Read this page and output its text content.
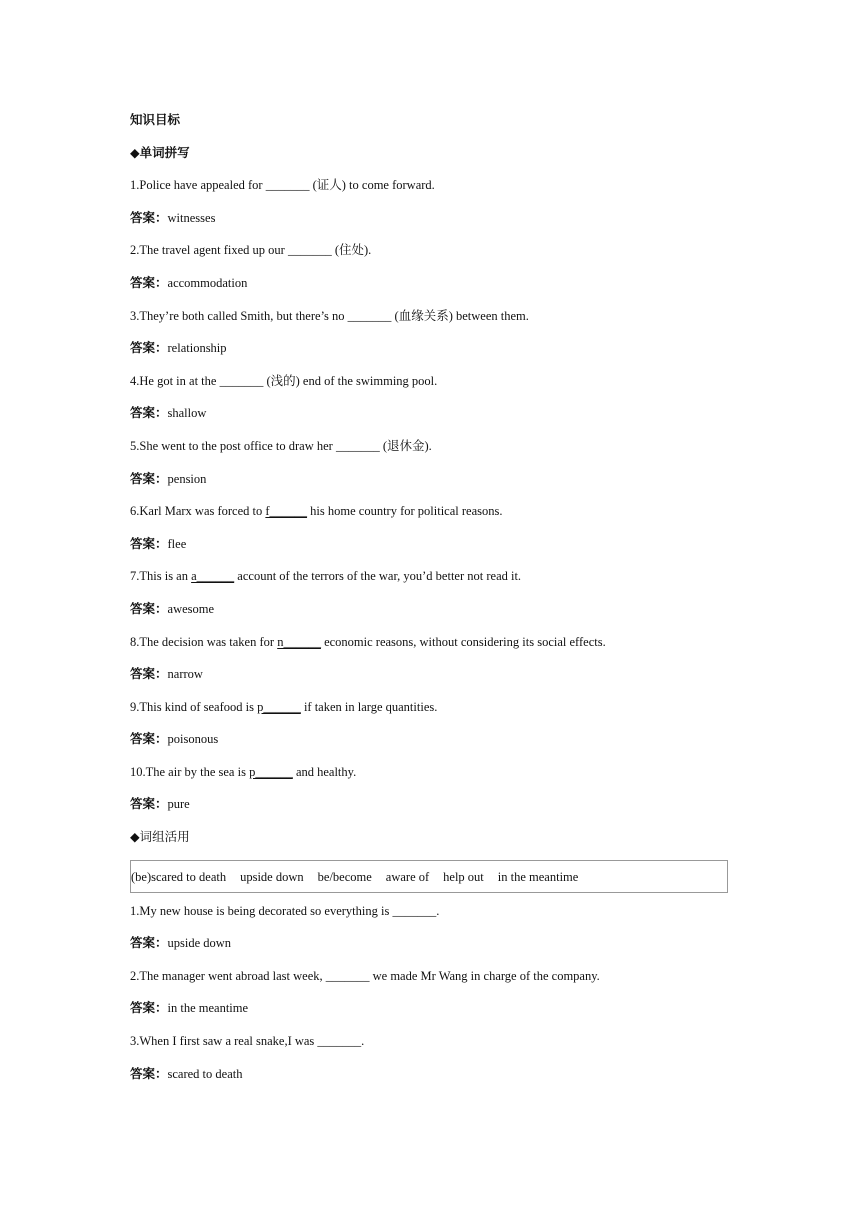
知识目标
◆单词拼写
1.Police have appealed for _______ (证人) to come forward.
答案：witnesses
2.The travel agent fixed up our _______ (住处).
答案：accommodation
3.They’re both called Smith, but there’s no _______ (血缘关系) between them.
答案：relationship
4.He got in at the _______ (浅的) end of the swimming pool.
答案：shallow
5.She went to the post office to draw her _______ (退休金).
答案：pension
6.Karl Marx was forced to f______ his home country for political reasons.
答案：flee
7.This is an a______ account of the terrors of the war, you’d better not read it.
答案：awesome
8.The decision was taken for n______ economic reasons, without considering its social effects.
答案：narrow
9.This kind of seafood is p______ if taken in large quantities.
答案：poisonous
10.The air by the sea is p______ and healthy.
答案：pure
◆词组活用
(be)scared to death upside down be/become aware of help out in the meantime
1.My new house is being decorated so everything is _______.
答案：upside down
2.The manager went abroad last week, _______ we made Mr Wang in charge of the company.
答案：in the meantime
3.When I first saw a real snake,I was _______.
答案：scared to death
